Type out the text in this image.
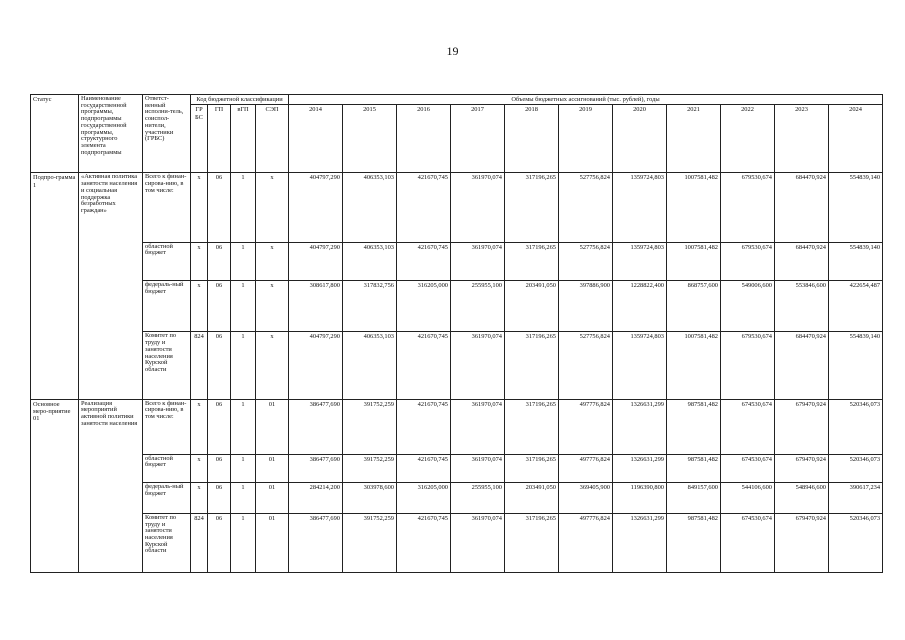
19
Статус	Наименование государственной программы, подпрограммы государственной программы, структурного элемента подпрограммы	Ответст-венный исполни-тель, соиспол-нители, участники (ГРБС)	Код бюджетной классификации				Объемы бюджетных ассигнований (тыс. рублей), годы										
			ГР БС	ГП	вГП	СЭП	2014	2015	2016	2017	2018	2019	2020	2021	2022	2023	2024
Подпро-грамма 1	«Активная политика занятости населения и социальная поддержка безработных граждан»	Всего к финан-сирова-нию, в том числе:	х	06	1	х	404797,290	406353,103	421670,745	361970,074	317196,265	527756,824	1359724,803	1007581,482	679530,674	684470,924	554839,140
		областной бюджет	х	06	1	х	404797,290	406353,103	421670,745	361970,074	317196,265	527756,824	1359724,803	1007581,482	679530,674	684470,924	554839,140
		федераль-ный бюджет	х	06	1	х	308617,800	317832,756	316205,000	255955,100	203491,050	397886,900	1228822,400	868757,600	549006,600	553846,600	422654,487
		Комитет по труду и занятости населения Курской области	824	06	1	х	404797,290	406353,103	421670,745	361970,074	317196,265	527756,824	1359724,803	1007581,482	679530,674	684470,924	554839,140
Основное меро-приятие 01	Реализация мероприятий активной политики занятости населения	Всего к финан-сирова-нию, в том числе:	х	06	1	01	386477,690	391752,259	421670,745	361970,074	317196,265	497776,824	1326631,299	987581,482	674530,674	679470,924	520346,073
		областной бюджет	х	06	1	01	386477,690	391752,259	421670,745	361970,074	317196,265	497776,824	1326631,299	987581,482	674530,674	679470,924	520346,073
		федераль-ный бюджет	х	06	1	01	284214,200	303978,600	316205,000	255955,100	203491,050	369405,900	1196390,800	849157,600	544106,600	548946,600	390617,234
		Комитет по труду и занятости населения Курской области	824	06	1	01	386477,690	391752,259	421670,745	361970,074	317196,265	497776,824	1326631,299	987581,482	674530,674	679470,924	520346,073
